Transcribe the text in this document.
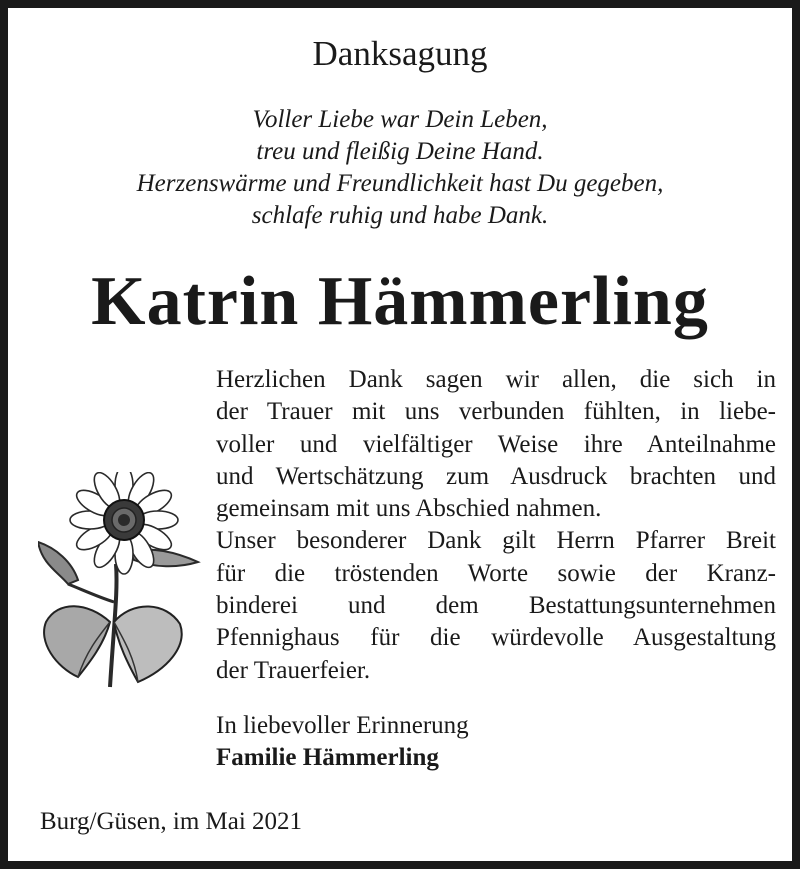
Danksagung
Voller Liebe war Dein Leben,
treu und fleißig Deine Hand.
Herzenswärme und Freundlichkeit hast Du gegeben,
schlafe ruhig und habe Dank.
Katrin Hämmerling
Herzlichen Dank sagen wir allen, die sich in
der Trauer mit uns verbunden fühlten, in liebe-
voller und vielfältiger Weise ihre Anteilnahme
und Wertschätzung zum Ausdruck brachten und
gemeinsam mit uns Abschied nahmen.
Unser besonderer Dank gilt Herrn Pfarrer Breit
für die tröstenden Worte sowie der Kranz-
binderei und dem Bestattungsunternehmen
Pfennighaus für die würdevolle Ausgestaltung
der Trauerfeier.
In liebevoller Erinnerung
Familie Hämmerling
Burg/Güsen, im Mai 2021
